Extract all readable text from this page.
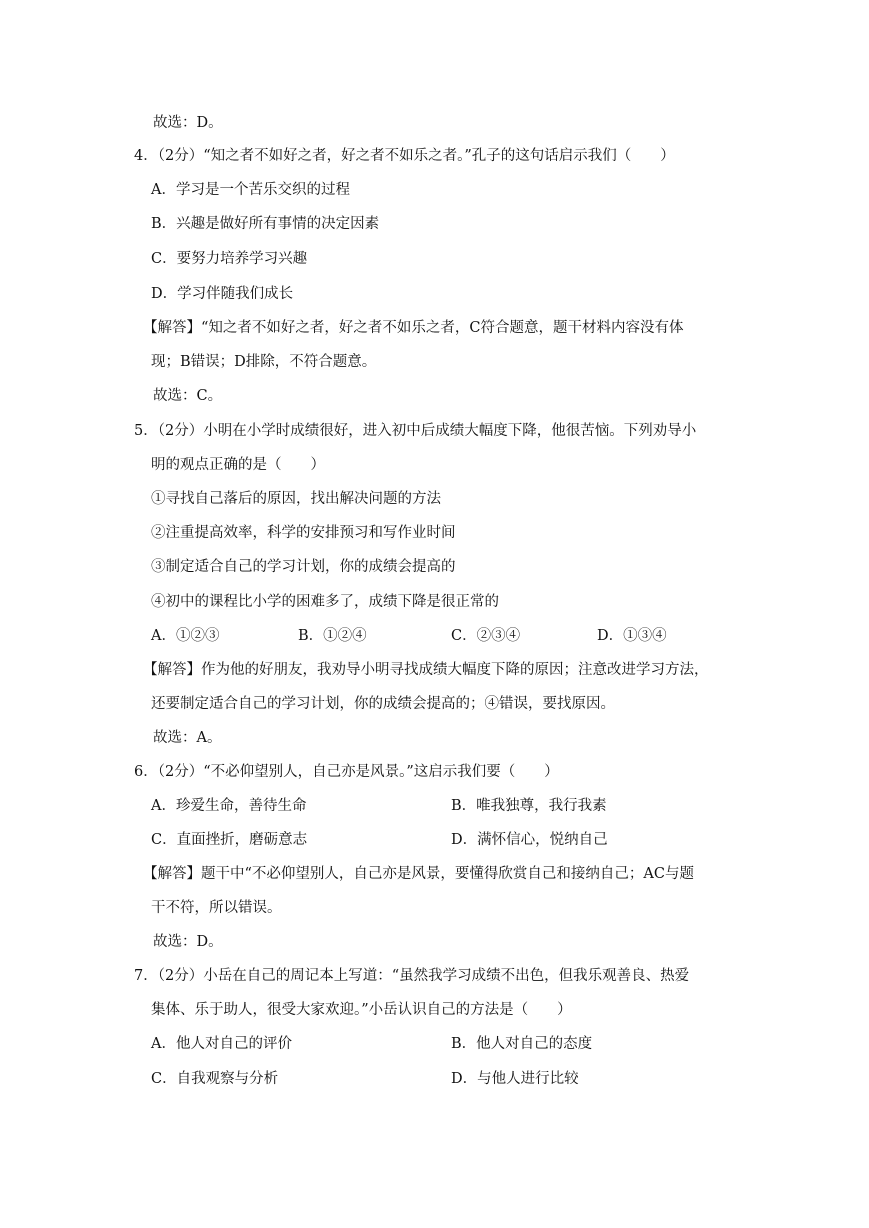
故选：D。
4．（2分）“知之者不如好之者，好之者不如乐之者。”孔子的这句话启示我们（　　）
A．学习是一个苦乐交织的过程
B．兴趣是做好所有事情的决定因素
C．要努力培养学习兴趣
D．学习伴随我们成长
【解答】“知之者不如好之者，好之者不如乐之者，C符合题意，题干材料内容没有体
现；B错误；D排除，不符合题意。
故选：C。
5．（2分）小明在小学时成绩很好，进入初中后成绩大幅度下降，他很苦恼。下列劝导小
明的观点正确的是（　　）
①寻找自己落后的原因，找出解决问题的方法
②注重提高效率，科学的安排预习和写作业时间
③制定适合自己的学习计划，你的成绩会提高的
④初中的课程比小学的困难多了，成绩下降是很正常的
A．①②③	B．①②④	C．②③④	D．①③④
【解答】作为他的好朋友，我劝导小明寻找成绩大幅度下降的原因；注意改进学习方法，
还要制定适合自己的学习计划，你的成绩会提高的；④错误，要找原因。
故选：A。
6．（2分）“不必仰望别人，自己亦是风景。”这启示我们要（　　）
A．珍爱生命，善待生命	B．唯我独尊，我行我素
C．直面挫折，磨砺意志	D．满怀信心，悦纳自己
【解答】题干中“不必仰望别人，自己亦是风景，要懂得欣赏自己和接纳自己；AC与题
干不符，所以错误。
故选：D。
7．（2分）小岳在自己的周记本上写道：“虽然我学习成绩不出色，但我乐观善良、热爱
集体、乐于助人，很受大家欢迎。”小岳认识自己的方法是（　　）
A．他人对自己的评价	B．他人对自己的态度
C．自我观察与分析	D．与他人进行比较
